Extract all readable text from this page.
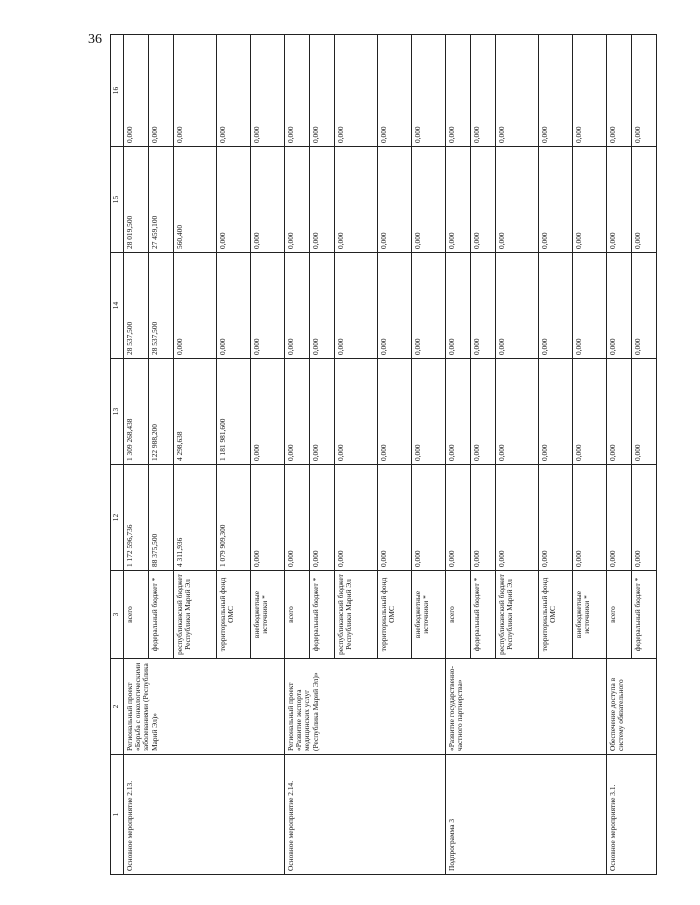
36
1	2	3	12	13	14	15	16
Основное мероприятие 2.13.	Региональный проект «Борьба с онкологическими заболеваниями (Республика Марий Эл)»	всего	1 172 596,736	1 309 268,438	28 537,500	28 019,500	0,000
		федеральный бюджет *	88 375,500	122 988,200	28 537,500	27 459,100	0,000
		республиканский бюджет Республики Марий Эл	4 311,936	4 298,638	0,000	560,400	0,000
		территориальный фонд ОМС	1 079 909,300	1 181 981,600	0,000	0,000	0,000
		внебюджетные источники *	0,000	0,000	0,000	0,000	0,000
Основное мероприятие 2.14.	Региональный проект «Развитие экспорта медицинских услуг (Республика Марий Эл)»	всего	0,000	0,000	0,000	0,000	0,000
		федеральный бюджет *	0,000	0,000	0,000	0,000	0,000
		республиканский бюджет Республики Марий Эл	0,000	0,000	0,000	0,000	0,000
		территориальный фонд ОМС	0,000	0,000	0,000	0,000	0,000
		внебюджетные источники *	0,000	0,000	0,000	0,000	0,000
Подпрограмма 3	«Развитие государственно-частного партнерства»	всего	0,000	0,000	0,000	0,000	0,000
		федеральный бюджет *	0,000	0,000	0,000	0,000	0,000
		республиканский бюджет Республики Марий Эл	0,000	0,000	0,000	0,000	0,000
		территориальный фонд ОМС	0,000	0,000	0,000	0,000	0,000
		внебюджетные источники *	0,000	0,000	0,000	0,000	0,000
Основное мероприятие 3.1.	Обеспечение доступа в систему обязательного	всего	0,000	0,000	0,000	0,000	0,000
		федеральный бюджет *	0,000	0,000	0,000	0,000	0,000
